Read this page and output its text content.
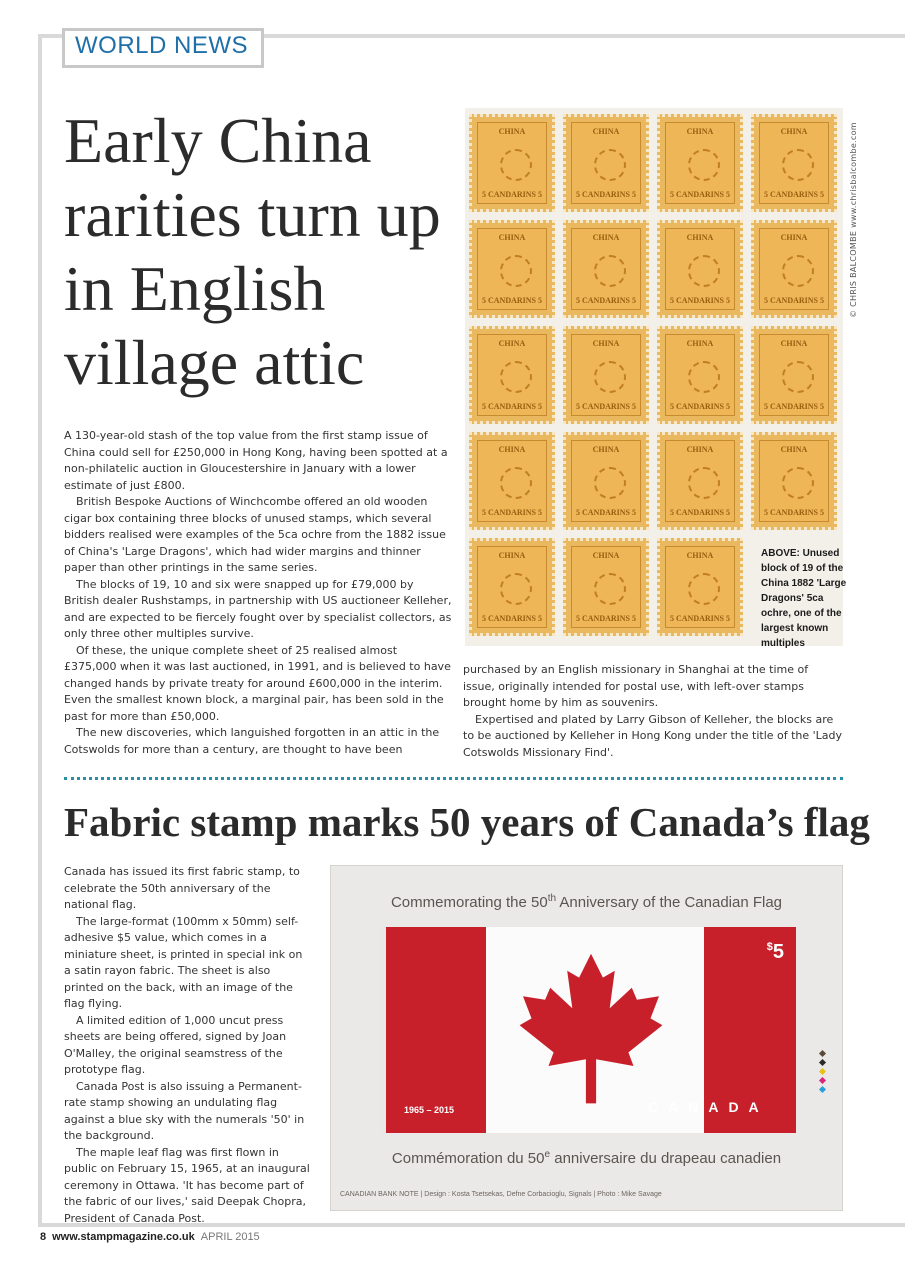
WORLD NEWS
Early China rarities turn up in English village attic

A 130-year-old stash of the top value from the first stamp issue of China could sell for £250,000 in Hong Kong, having been spotted at a non-philatelic auction in Gloucestershire in January with a lower estimate of just £800.

British Bespoke Auctions of Winchcombe offered an old wooden cigar box containing three blocks of unused stamps, which several bidders realised were examples of the 5ca ochre from the 1882 issue of China's 'Large Dragons', which had wider margins and thinner paper than other printings in the same series.

The blocks of 19, 10 and six were snapped up for £79,000 by British dealer Rushstamps, in partnership with US auctioneer Kelleher, and are expected to be fiercely fought over by specialist collectors, as only three other multiples survive.

Of these, the unique complete sheet of 25 realised almost £375,000 when it was last auctioned, in 1991, and is believed to have changed hands by private treaty for around £600,000 in the interim. Even the smallest known block, a marginal pair, has been sold in the past for more than £50,000.

The new discoveries, which languished forgotten in an attic in the Cotswolds for more than a century, are thought to have been

CHINA
5 CANDARINS 5
CHINA
5 CANDARINS 5
CHINA
5 CANDARINS 5
CHINA
5 CANDARINS 5
CHINA
5 CANDARINS 5
CHINA
5 CANDARINS 5
CHINA
5 CANDARINS 5
CHINA
5 CANDARINS 5
CHINA
5 CANDARINS 5
CHINA
5 CANDARINS 5
CHINA
5 CANDARINS 5
CHINA
5 CANDARINS 5
CHINA
5 CANDARINS 5
CHINA
5 CANDARINS 5
CHINA
5 CANDARINS 5
CHINA
5 CANDARINS 5
CHINA
5 CANDARINS 5
CHINA
5 CANDARINS 5
CHINA
5 CANDARINS 5
© CHRIS BALCOMBE www.chrisbalcombe.com
ABOVE: Unused block of 19 of the China 1882 'Large Dragons' 5ca ochre, one of the largest known multiples

purchased by an English missionary in Shanghai at the time of issue, originally intended for postal use, with left-over stamps brought home by him as souvenirs.

Expertised and plated by Larry Gibson of Kelleher, the blocks are to be auctioned by Kelleher in Hong Kong under the title of the 'Lady Cotswolds Missionary Find'.

Fabric stamp marks 50 years of Canada’s flag

Canada has issued its first fabric stamp, to celebrate the 50th anniversary of the national flag.

The large-format (100mm x 50mm) self-adhesive $5 value, which comes in a miniature sheet, is printed in special ink on a satin rayon fabric. The sheet is also printed on the back, with an image of the flag flying.

A limited edition of 1,000 uncut press sheets are being offered, signed by Joan O'Malley, the original seamstress of the prototype flag.

Canada Post is also issuing a Permanent-rate stamp showing an undulating flag against a blue sky with the numerals '50' in the background.

The maple leaf flag was first flown in public on February 15, 1965, at an inaugural ceremony in Ottawa. 'It has become part of the fabric of our lives,' said Deepak Chopra, President of Canada Post.

Commemorating the 50th Anniversary of the Canadian Flag
$5
1965 – 2015	CANADA
Commémoration du 50e anniversaire du drapeau canadien
CANADIAN BANK NOTE | Design : Kosta Tsetsekas, Defne Corbacioglu, Signals | Photo : Mike Savage
8 www.stampmagazine.co.uk APRIL 2015
